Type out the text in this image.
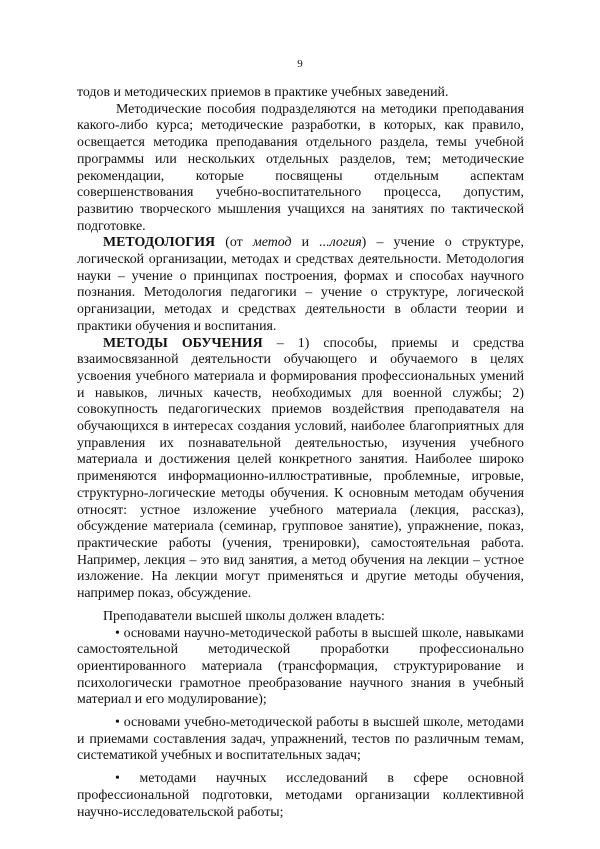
9

тодов и методических приемов в практике учебных заведений.

Методические пособия подразделяются на методики преподавания какого-либо курса; методические разработки, в которых, как правило, освещается методика преподавания отдельного раздела, темы учебной программы или нескольких отдельных разделов, тем; методические рекомендации, которые посвящены отдельным аспектам совершенствования учебно-воспитательного процесса, допустим, развитию творческого мышления учащихся на занятиях по тактической подготовке.

МЕТОДОЛОГИЯ (от метод и ...логия) – учение о структуре, логической организации, методах и средствах деятельности. Методология науки – учение о принципах построения, формах и способах научного познания. Методология педагогики – учение о структуре, логической организации, методах и средствах деятельности в области теории и практики обучения и воспитания.

МЕТОДЫ ОБУЧЕНИЯ – 1) способы, приемы и средства взаимосвязанной деятельности обучающего и обучаемого в целях усвоения учебного материала и формирования профессиональных умений и навыков, личных качеств, необходимых для военной службы; 2) совокупность педагогических приемов воздействия преподавателя на обучающихся в интересах создания условий, наиболее благоприятных для управления их познавательной деятельностью, изучения учебного материала и достижения целей конкретного занятия. Наиболее широко применяются информационно-иллюстративные, проблемные, игровые, структурно-логические методы обучения. К основным методам обучения относят: устное изложение учебного материала (лекция, рассказ), обсуждение материала (семинар, групповое занятие), упражнение, показ, практические работы (учения, тренировки), самостоятельная работа. Например, лекция – это вид занятия, а метод обучения на лекции – устное изложение. На лекции могут применяться и другие методы обучения, например показ, обсуждение.

Преподаватели высшей школы должен владеть:

• основами научно-методической работы в высшей школе, навыками самостоятельной методической проработки профессионально ориентированного материала (трансформация, структурирование и психологически грамотное преобразование научного знания в учебный материал и его модулирование);

• основами учебно-методической работы в высшей школе, методами и приемами составления задач, упражнений, тестов по различным темам, систематикой учебных и воспитательных задач;

• методами научных исследований в сфере основной профессиональной подготовки, методами организации коллективной научно-исследовательской работы;
